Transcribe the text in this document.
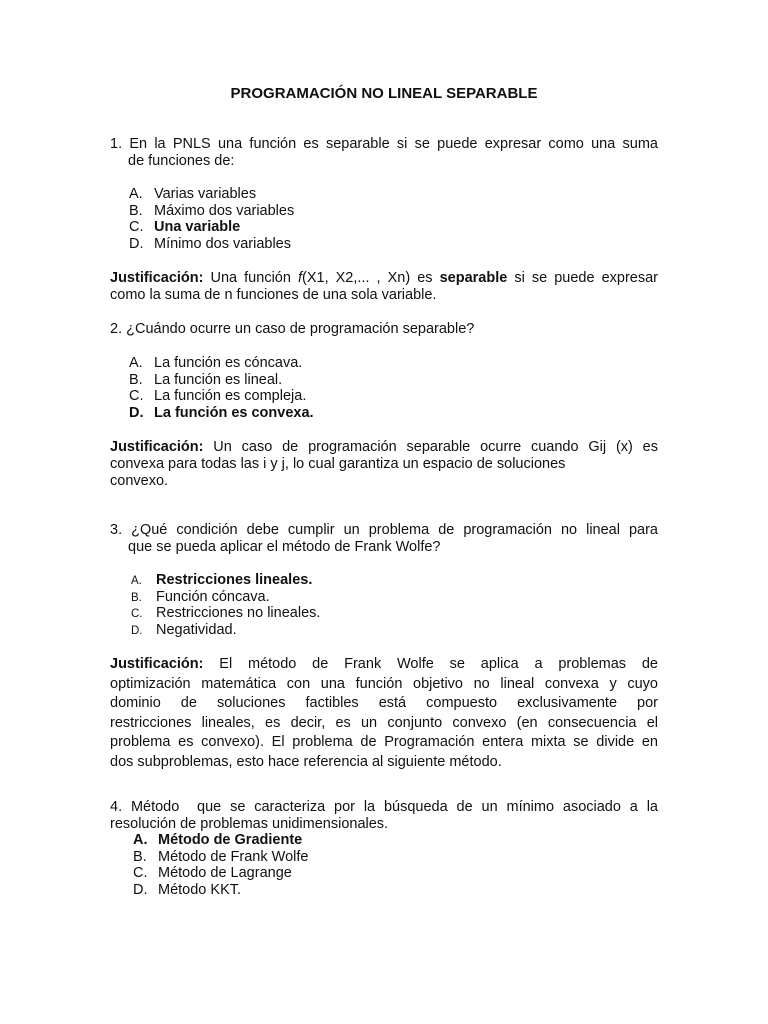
PROGRAMACIÓN NO LINEAL SEPARABLE
1. En la PNLS una función es separable si se puede expresar como una suma
de funciones de:
A. Varias variables
B. Máximo dos variables
C. Una variable
D. Mínimo dos variables
Justificación: Una función f(X1, X2,... , Xn) es separable si se puede expresar
como la suma de n funciones de una sola variable.
2. ¿Cuándo ocurre un caso de programación separable?
A. La función es cóncava.
B. La función es lineal.
C. La función es compleja.
D. La función es convexa.
Justificación: Un caso de programación separable ocurre cuando Gij (x) es
convexa para todas las i y j, lo cual garantiza un espacio de soluciones
convexo.
3. ¿Qué condición debe cumplir un problema de programación no lineal para
que se pueda aplicar el método de Frank Wolfe?
A. Restricciones lineales.
B. Función cóncava.
C. Restricciones no lineales.
D. Negatividad.
Justificación: El método de Frank Wolfe se aplica a problemas de
optimización matemática con una función objetivo no lineal convexa y cuyo
dominio de soluciones factibles está compuesto exclusivamente por
restricciones lineales, es decir, es un conjunto convexo (en consecuencia el
problema es convexo). El problema de Programación entera mixta se divide en
dos subproblemas, esto hace referencia al siguiente método.
4. Método  que se caracteriza por la búsqueda de un mínimo asociado a la
resolución de problemas unidimensionales.
A. Método de Gradiente
B. Método de Frank Wolfe
C. Método de Lagrange
D. Método KKT.
